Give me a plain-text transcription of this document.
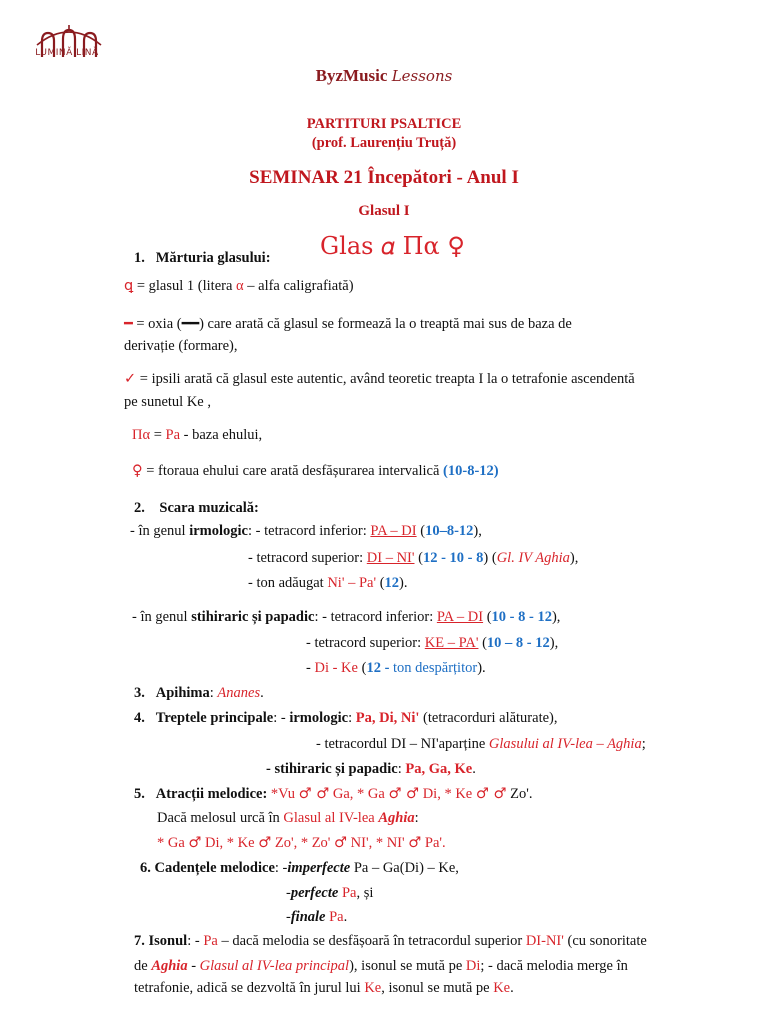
LUMINĂ LINĂ
ByzMusic Lessons
PARTITURI PSALTICE
(prof. Laurențiu Truță)
SEMINAR 21 Începători - Anul I
Glasul I
1. Mărturia glasului: Glas 𝛼 Πα ♀
ꝗ = glasul 1 (litera α – alfa caligrafiată)
━ = oxia (━━) care arată că glasul se formează la o treaptă mai sus de baza de
derivație (formare),
✓ = ipsili arată că glasul este autentic, având teoretic treapta I la o tetrafonie ascendentă
pe sunetul Ke ,
Πα = Pa - baza ehului,
♀ = ftoraua ehului care arată desfășurarea intervalică (10-8-12)
2. Scara muzicală:
- în genul irmologic: - tetracord inferior: PA – DI (10–8-12),
- tetracord superior: DI – NI' (12 - 10 - 8) (Gl. IV Aghia),
- ton adăugat Ni' – Pa' (12).
- în genul stihiraric și papadic: - tetracord inferior: PA – DI (10 - 8 - 12),
- tetracord superior: KE – PA' (10 – 8 - 12),
- Di - Ke (12 - ton despărțitor).
3. Apihima: Ananes.
4. Treptele principale: - irmologic: Pa, Di, Ni' (tetracorduri alăturate),
- tetracordul DI – NI'aparține Glasului al IV-lea – Aghia;
- stihiraric și papadic: Pa, Ga, Ke.
5. Atracții melodice: *Vu ♂ ♂ Ga, * Ga ♂ ♂ Di, * Ke ♂ ♂ Zo'.
Dacă melosul urcă în Glasul al IV-lea Aghia:
* Ga ♂ Di, * Ke ♂ Zo', * Zo' ♂ NI', * NI' ♂ Pa'.
6. Cadențele melodice: -imperfecte Pa – Ga(Di) – Ke,
-perfecte Pa, și
-finale Pa.
7. Isonul: - Pa – dacă melodia se desfășoară în tetracordul superior DI-NI' (cu sonoritate
de Aghia - Glasul al IV-lea principal), isonul se mută pe Di; - dacă melodia merge în
tetrafonie, adică se dezvoltă în jurul lui Ke, isonul se mută pe Ke.
